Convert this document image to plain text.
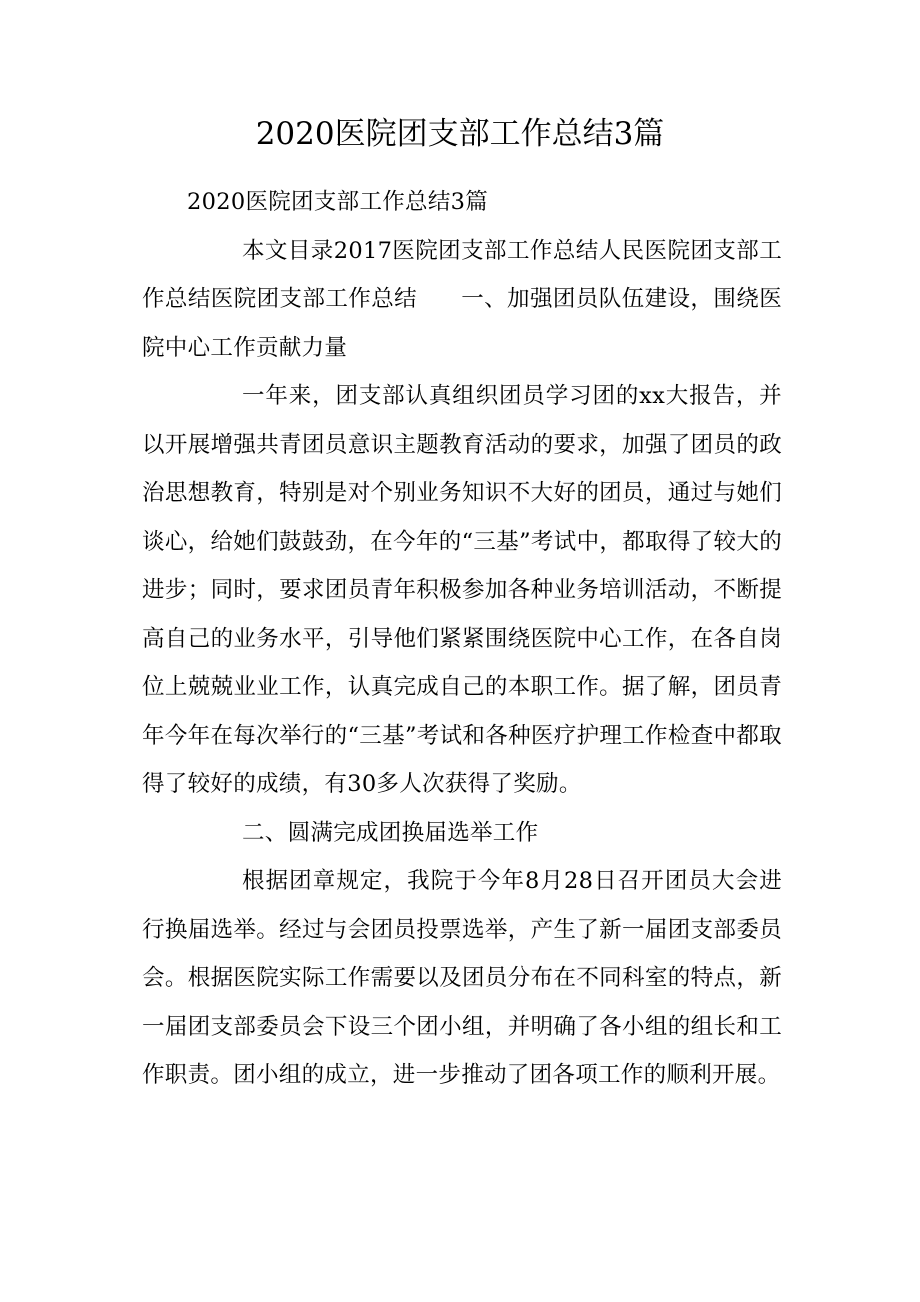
2020医院团支部工作总结3篇

2020医院团支部工作总结3篇

本文目录2017医院团支部工作总结人民医院团支部工作总结医院团支部工作总结 一、加强团员队伍建设，围绕医院中心工作贡献力量

一年来，团支部认真组织团员学习团的xx大报告，并以开展增强共青团员意识主题教育活动的要求，加强了团员的政治思想教育，特别是对个别业务知识不大好的团员，通过与她们谈心，给她们鼓鼓劲，在今年的“三基”考试中，都取得了较大的进步；同时，要求团员青年积极参加各种业务培训活动，不断提高自己的业务水平，引导他们紧紧围绕医院中心工作，在各自岗位上兢兢业业工作，认真完成自己的本职工作。据了解，团员青年今年在每次举行的“三基”考试和各种医疗护理工作检查中都取得了较好的成绩，有30多人次获得了奖励。

二、圆满完成团换届选举工作

根据团章规定，我院于今年8月28日召开团员大会进行换届选举。经过与会团员投票选举，产生了新一届团支部委员会。根据医院实际工作需要以及团员分布在不同科室的特点，新一届团支部委员会下设三个团小组，并明确了各小组的组长和工作职责。团小组的成立，进一步推动了团各项工作的顺利开展。
